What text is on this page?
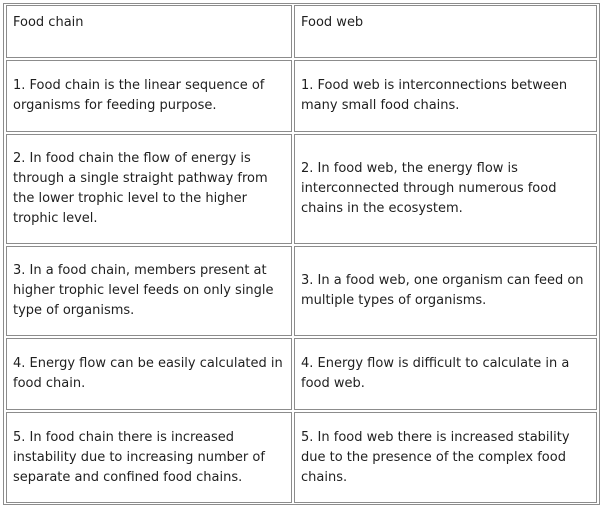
Food chain	Food web
1. Food chain is the linear sequence of organisms for feeding purpose.
1. Food web is interconnections between many small food chains.
2. In food chain the flow of energy is through a single straight pathway from the lower trophic level to the higher trophic level.
2. In food web, the energy flow is interconnected through numerous food chains in the ecosystem.
3. In a food chain, members present at higher trophic level feeds on only single type of organisms.
3. In a food web, one organism can feed on multiple types of organisms.
4. Energy flow can be easily calculated in food chain.
4. Energy flow is difficult to calculate in a food web.
5. In food chain there is increased instability due to increasing number of separate and confined food chains.
5. In food web there is increased stability due to the presence of the complex food chains.
